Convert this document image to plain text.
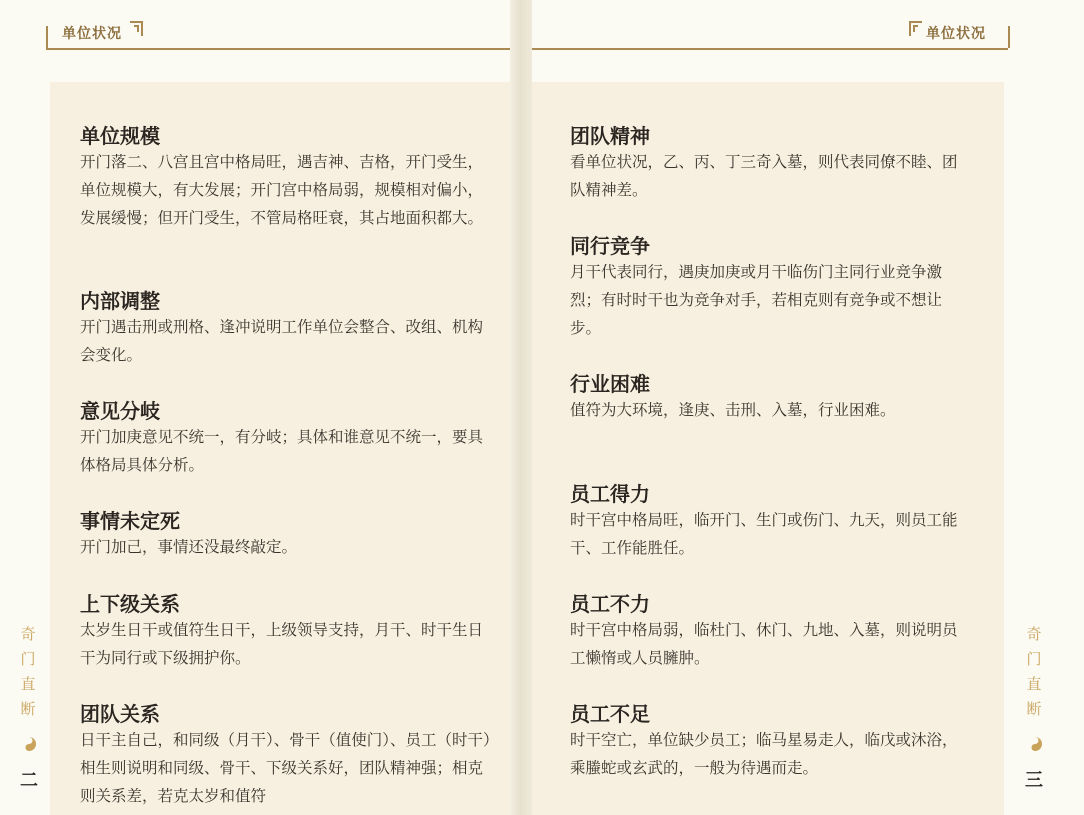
单位状况	单位状况
单位规模
开门落二、八宫且宫中格局旺，遇吉神、吉格，开门受生，单位规模大，有大发展；开门宫中格局弱，规模相对偏小，发展缓慢；但开门受生，不管局格旺衰，其占地面积都大。
内部调整
开门遇击刑或刑格、逢冲说明工作单位会整合、改组、机构会变化。
意见分岐
开门加庚意见不统一，有分岐；具体和谁意见不统一，要具体格局具体分析。
事情未定死
开门加己，事情还没最终敲定。
上下级关系
太岁生日干或值符生日干，上级领导支持，月干、时干生日干为同行或下级拥护你。
团队关系
日干主自己，和同级（月干）、骨干（值使门）、员工（时干）相生则说明和同级、骨干、下级关系好，团队精神强；相克则关系差，若克太岁和值符
团队精神
看单位状况，乙、丙、丁三奇入墓，则代表同僚不睦、团队精神差。
同行竞争
月干代表同行，遇庚加庚或月干临伤门主同行业竞争激烈；有时时干也为竞争对手，若相克则有竞争或不想让步。
行业困难
值符为大环境，逢庚、击刑、入墓，行业困难。
员工得力
时干宫中格局旺，临开门、生门或伤门、九天，则员工能干、工作能胜任。
员工不力
时干宫中格局弱，临杜门、休门、九地、入墓，则说明员工懒惰或人员臃肿。
员工不足
时干空亡，单位缺少员工；临马星易走人，临戊或沐浴，乘螣蛇或玄武的，一般为待遇而走。
奇
门
直
断
二
奇
门
直
断
三
